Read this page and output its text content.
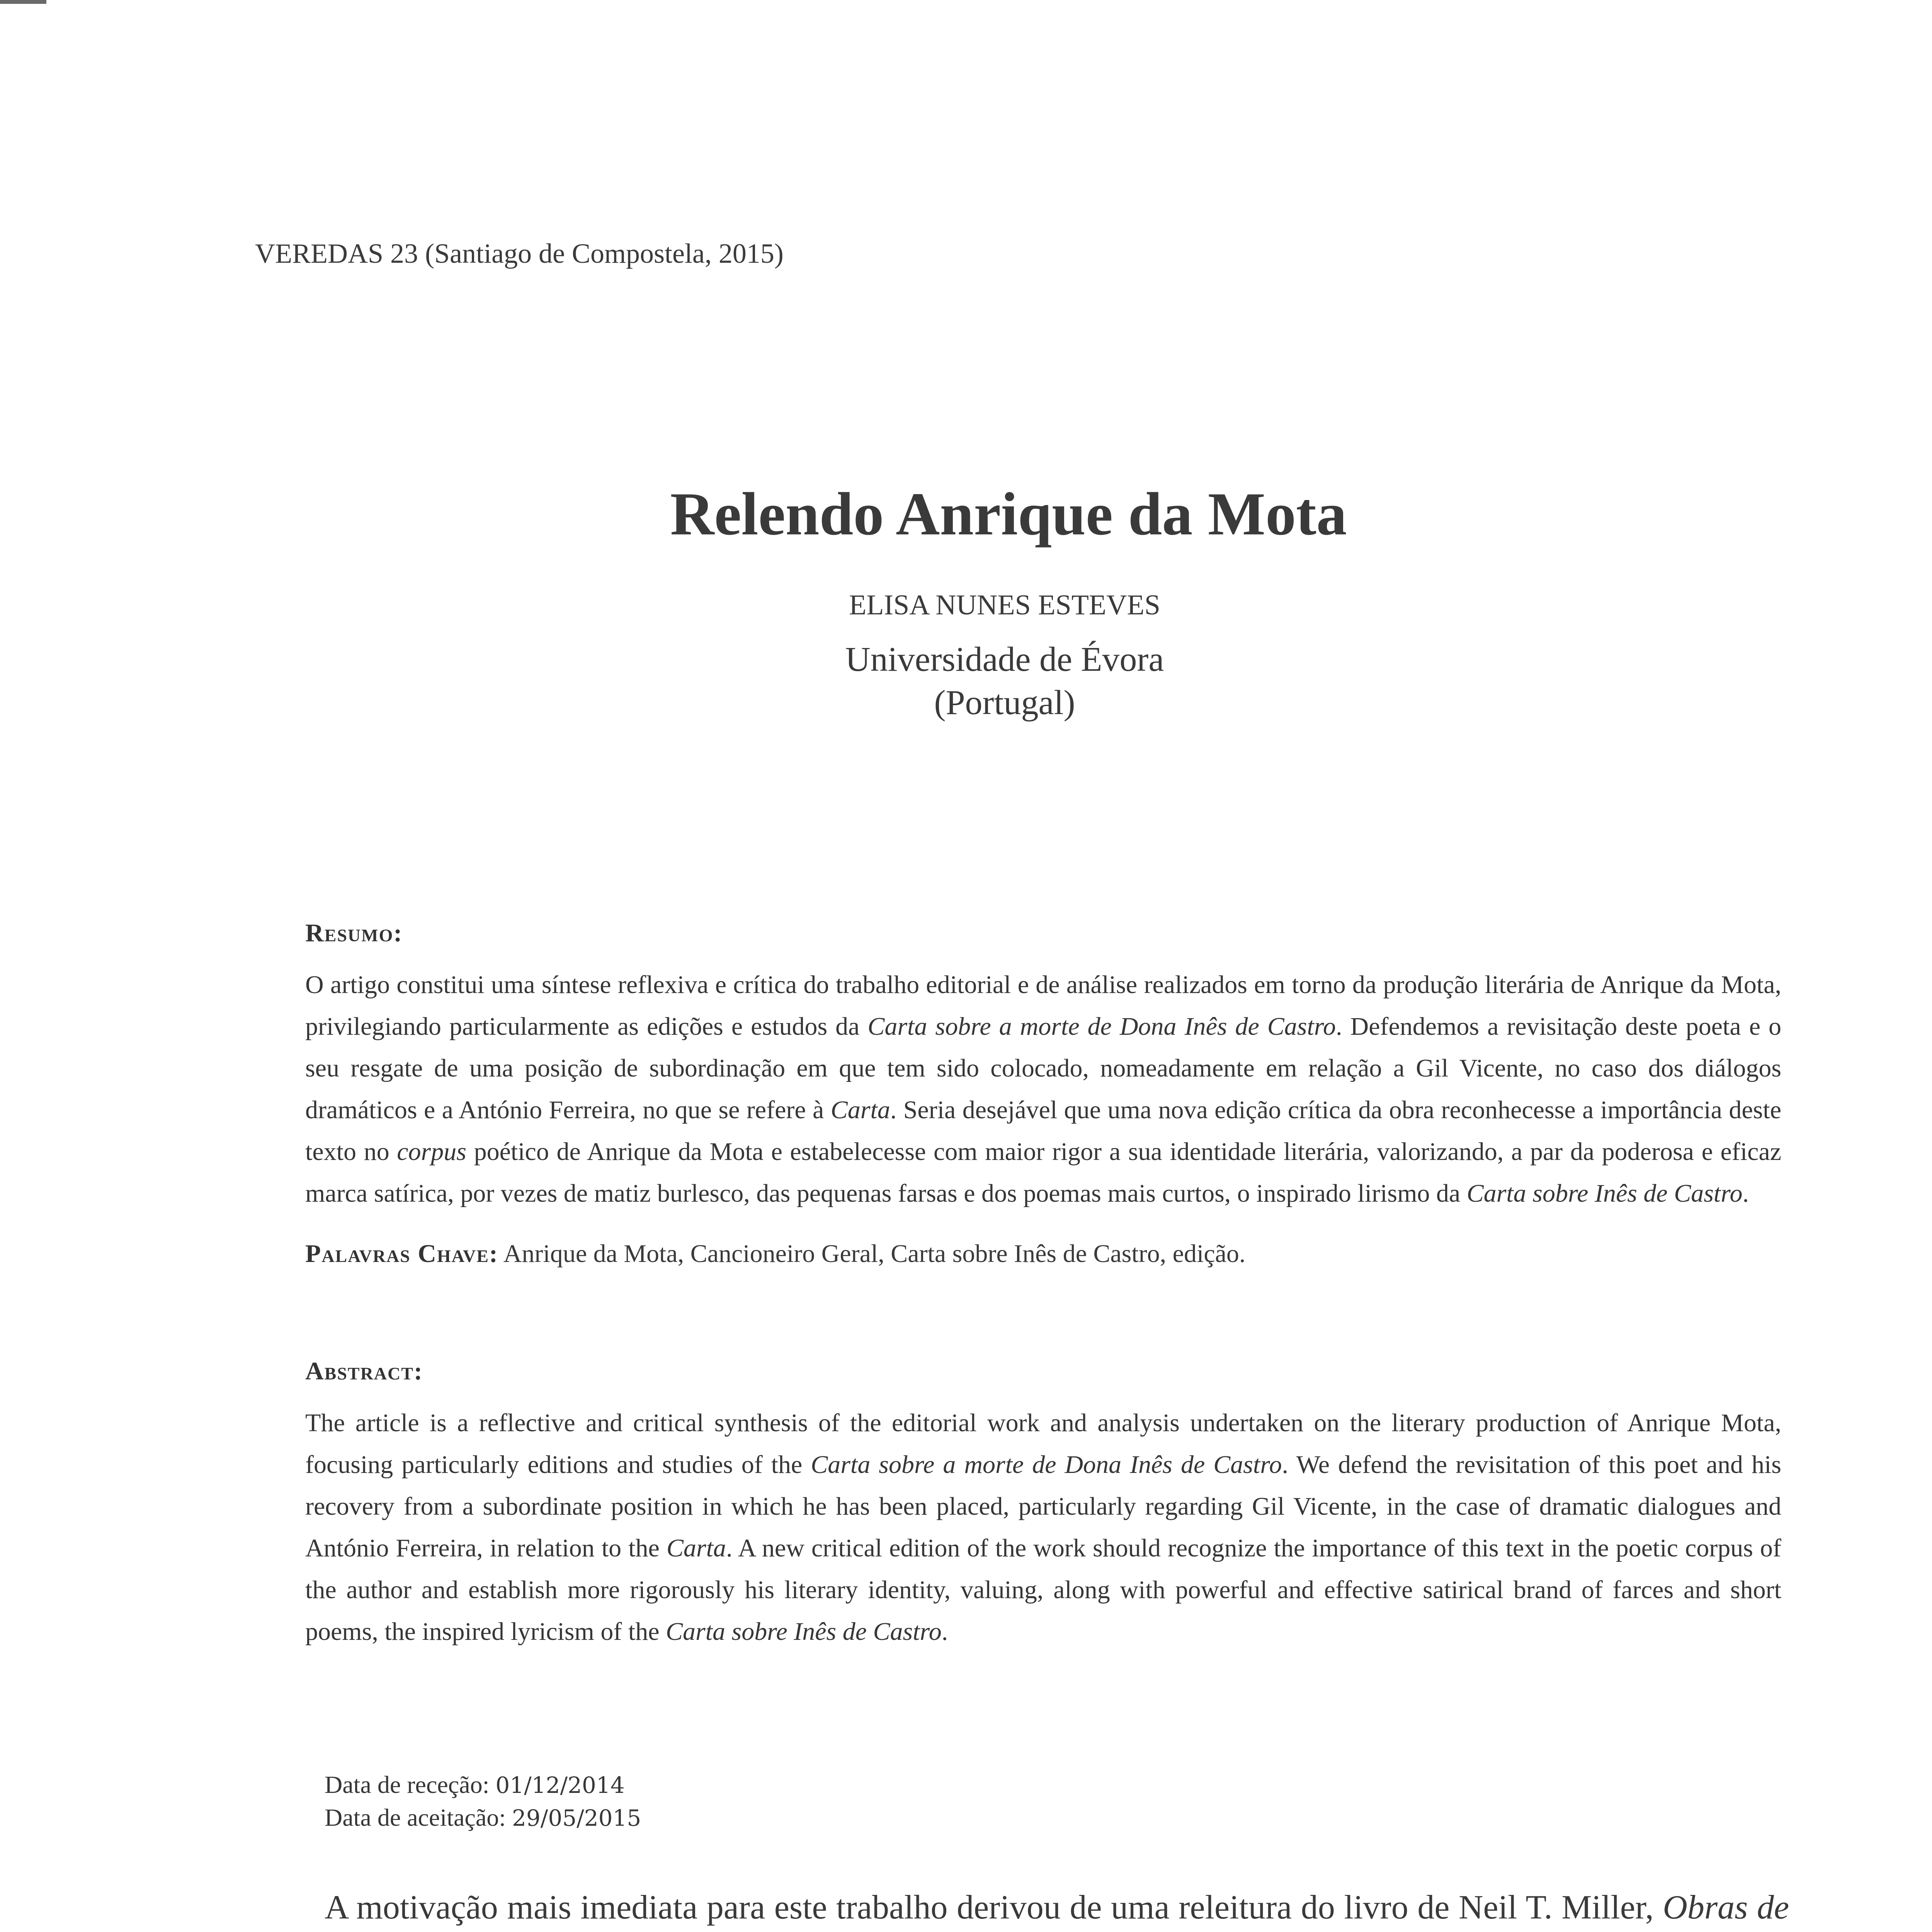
VEREDAS 23 (Santiago de Compostela, 2015)
Relendo Anrique da Mota
ELISA NUNES ESTEVES
Universidade de Évora
(Portugal)
Resumo:

O artigo constitui uma síntese reflexiva e crítica do trabalho editorial e de análise realizados em torno da produção literária de Anrique da Mota, privilegiando particularmente as edições e estudos da Carta sobre a morte de Dona Inês de Castro. Defendemos a revisitação deste poeta e o seu resgate de uma posição de subordinação em que tem sido colocado, nomeadamente em relação a Gil Vicente, no caso dos diálogos dramáticos e a António Ferreira, no que se refere à Carta. Seria desejável que uma nova edição crítica da obra reconhecesse a importância deste texto no corpus poético de Anrique da Mota e estabelecesse com maior rigor a sua identidade literária, valorizando, a par da poderosa e eficaz marca satírica, por vezes de matiz burlesco, das pequenas farsas e dos poemas mais curtos, o inspirado lirismo da Carta sobre Inês de Castro.

Palavras Chave: Anrique da Mota, Cancioneiro Geral, Carta sobre Inês de Castro, edição.
Abstract:

The article is a reflective and critical synthesis of the editorial work and analysis undertaken on the literary production of Anrique Mota, focusing particularly editions and studies of the Carta sobre a morte de Dona Inês de Castro. We defend the revisitation of this poet and his recovery from a subordinate position in which he has been placed, particularly regarding Gil Vicente, in the case of dramatic dialogues and António Ferreira, in relation to the Carta. A new critical edition of the work should recognize the importance of this text in the poetic corpus of the author and establish more rigorously his literary identity, valuing, along with powerful and effective satirical brand of farces and short poems, the inspired lyricism of the Carta sobre Inês de Castro.

Data de receção: 01/12/2014
Data de aceitação: 29/05/2015

A motivação mais imediata para este trabalho derivou de uma releitura do livro de Neil T. Miller, Obras de
